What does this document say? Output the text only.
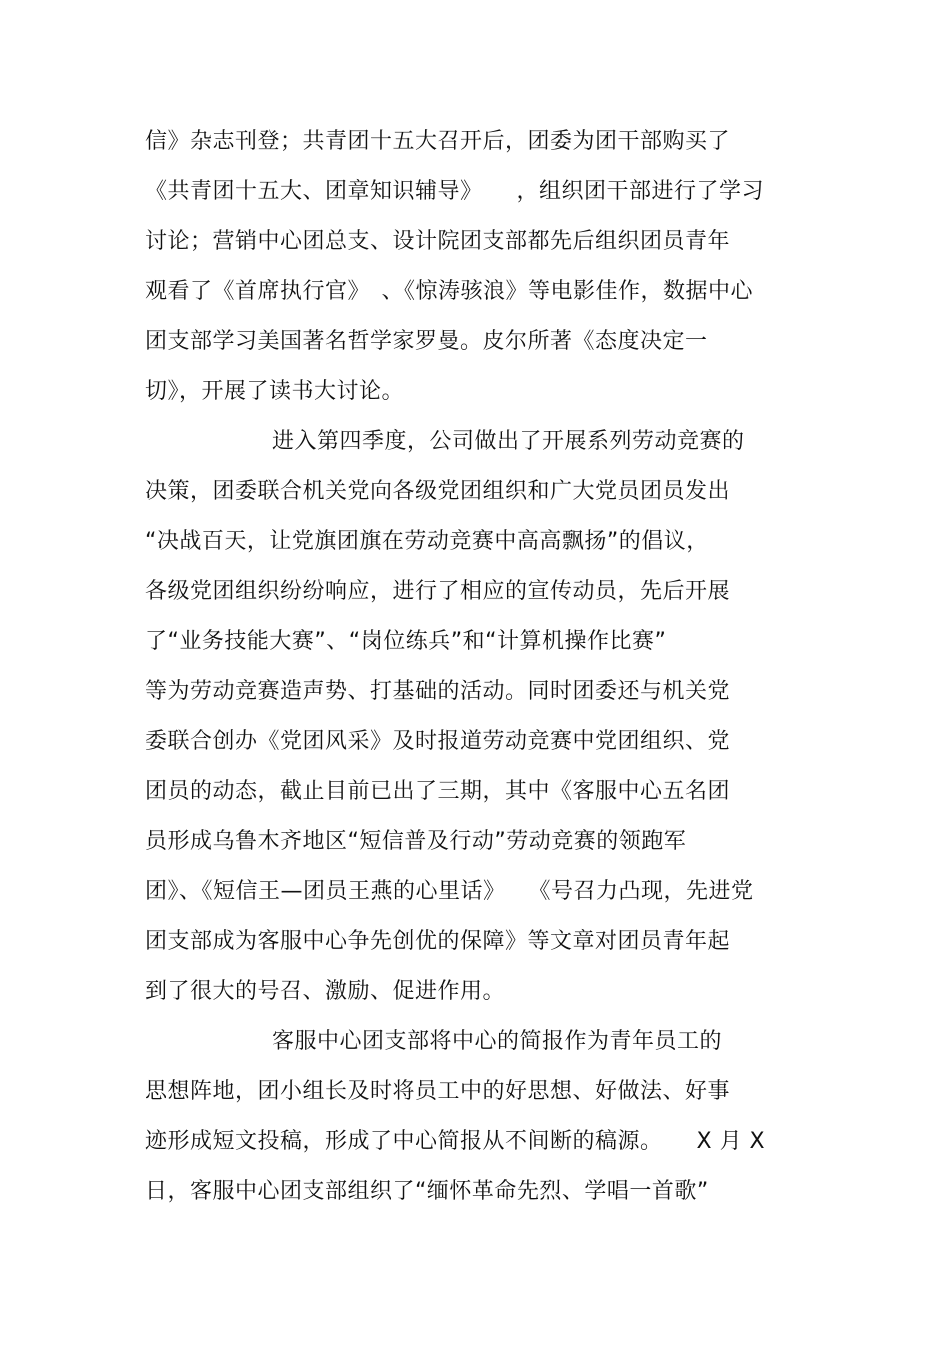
信》杂志刊登；共青团十五大召开后，团委为团干部购买了
《共青团十五大、团章知识辅导》　　，组织团干部进行了学习
讨论；营销中心团总支、设计院团支部都先后组织团员青年
观看了《首席执行官》　、《惊涛骇浪》等电影佳作，数据中心
团支部学习美国著名哲学家罗曼。皮尔所著《态度决定一
切》，开展了读书大讨论。
进入第四季度，公司做出了开展系列劳动竞赛的
决策，团委联合机关党向各级党团组织和广大党员团员发出
“决战百天，让党旗团旗在劳动竞赛中高高飘扬”的倡议，
各级党团组织纷纷响应，进行了相应的宣传动员，先后开展
了“业务技能大赛”、“岗位练兵”和“计算机操作比赛”
等为劳动竞赛造声势、打基础的活动。同时团委还与机关党
委联合创办《党团风采》及时报道劳动竞赛中党团组织、党
团员的动态，截止目前已出了三期，其中《客服中心五名团
员形成乌鲁木齐地区“短信普及行动”劳动竞赛的领跑军
团》、《短信王—团员王燕的心里话》　　《号召力凸现，先进党
团支部成为客服中心争先创优的保障》等文章对团员青年起
到了很大的号召、激励、促进作用。
客服中心团支部将中心的简报作为青年员工的
思想阵地，团小组长及时将员工中的好思想、好做法、好事
迹形成短文投稿，形成了中心简报从不间断的稿源。　　X 月 X
日，客服中心团支部组织了“缅怀革命先烈、学唱一首歌”
